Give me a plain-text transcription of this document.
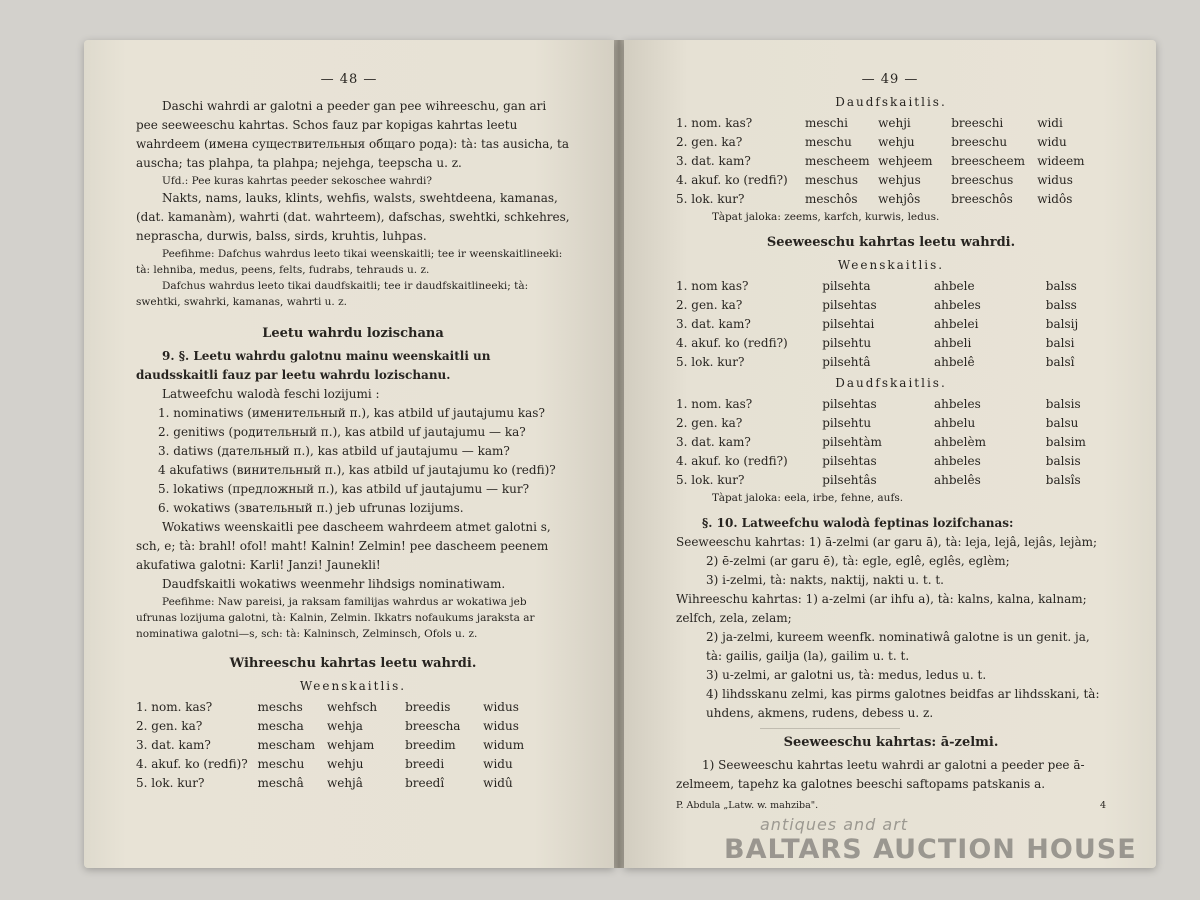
— 48 —

Daschi wahrdi ar galotni a peeder gan pee wihreeschu, gan ari pee seeweeschu kahrtas. Schos fauz par kopigas kahrtas leetu wahrdeem (имена существительныя общаго рода): tà: tas ausicha, ta auscha; tas plahpa, ta plahpa; nejehga, teepscha u. z.

Ufd.: Pee kuras kahrtas peeder sekoschee wahrdi?

Nakts, nams, lauks, klints, wehfis, walsts, swehtdeena, kamanas, (dat. kamanàm), wahrti (dat. wahrteem), dafschas, swehtki, schkehres, neprascha, durwis, balss, sirds, kruhtis, luhpas.

Peefihme: Dafchus wahrdus leeto tikai weenskaitli; tee ir weenskaitlineeki: tà: lehniba, medus, peens, felts, fudrabs, tehrauds u. z.

Dafchus wahrdus leeto tikai daudfskaitli; tee ir daudfskaitlineeki; tà: swehtki, swahrki, kamanas, wahrti u. z.

Leetu wahrdu lozischana

9. §. Leetu wahrdu galotnu mainu weenskaitli un daudsskaitli fauz par leetu wahrdu lozischanu.

Latweefchu walodà feschi lozijumi :

1. nominatiws (именительный п.), kas atbild uf jautajumu kas?

2. genitiws (родительный п.), kas atbild uf jautajumu — ka?

3. datiws (дательный п.), kas atbild uf jautajumu — kam?

4 akufatiws (винительный п.), kas atbild uf jautajumu ko (redfi)?

5. lokatiws (предложный п.), kas atbild uf jautajumu — kur?

6. wokatiws (звательный п.) jeb ufrunas lozijums.

Wokatiws weenskaitli pee dascheem wahrdeem atmet galotni s, sch, e; tà: brahl! ofol! maht! Kalnin! Zelmin! pee dascheem peenem akufatiwa galotni: Karli! Janzi! Jaunekli!

Daudfskaitli wokatiws weenmehr lihdsigs nominatiwam.

Peefihme: Naw pareisi, ja raksam familijas wahrdus ar wokatiwa jeb ufrunas lozijuma galotni, tà: Kalnin, Zelmin. Ikkatrs nofaukums jaraksta ar nominatiwa galotni—s, sch: tà: Kalninsch, Zelminsch, Ofols u. z.

Wihreeschu kahrtas leetu wahrdi.
Weenskaitlis.
1. nom. kas?	meschs	wehfsch	breedis	widus
2. gen. ka?	mescha	wehja	breescha	widus
3. dat. kam?	mescham	wehjam	breedim	widum
4. akuf. ko (redfi)?	meschu	wehju	breedi	widu
5. lok. kur?	meschâ	wehjâ	breedî	widû
— 49 —
Daudfskaitlis.
1. nom. kas?	meschi	wehji	breeschi	widi
2. gen. ka?	meschu	wehju	breeschu	widu
3. dat. kam?	mescheem	wehjeem	breescheem	wideem
4. akuf. ko (redfi?)	meschus	wehjus	breeschus	widus
5. lok. kur?	meschôs	wehjôs	breeschôs	widôs

Tàpat jaloka: zeems, karfch, kurwis, ledus.

Seeweeschu kahrtas leetu wahrdi.
Weenskaitlis.
1. nom kas?	pilsehta	ahbele	balss
2. gen. ka?	pilsehtas	ahbeles	balss
3. dat. kam?	pilsehtai	ahbelei	balsij
4. akuf. ko (redfi?)	pilsehtu	ahbeli	balsi
5. lok. kur?	pilsehtâ	ahbelê	balsî
Daudfskaitlis.
1. nom. kas?	pilsehtas	ahbeles	balsis
2. gen. ka?	pilsehtu	ahbelu	balsu
3. dat. kam?	pilsehtàm	ahbelèm	balsim
4. akuf. ko (redfi?)	pilsehtas	ahbeles	balsis
5. lok. kur?	pilsehtâs	ahbelês	balsîs

Tàpat jaloka: eela, irbe, fehne, aufs.

§. 10. Latweefchu walodà feptinas lozifchanas:

Seeweeschu kahrtas: 1) ā-zelmi (ar garu ā), tà: leja, lejâ, lejâs, lejàm;

2) ē-zelmi (ar garu ē), tà: egle, eglê, eglês, eglèm;

3) i-zelmi, tà: nakts, naktij, nakti u. t. t.

Wihreeschu kahrtas: 1) a-zelmi (ar ihfu a), tà: kalns, kalna, kalnam; zelfch, zela, zelam;

2) ja-zelmi, kureem weenfk. nominatiwâ galotne is un genit. ja, tà: gailis, gailja (la), gailim u. t. t.

3) u-zelmi, ar galotni us, tà: medus, ledus u. t.

4) lihdsskanu zelmi, kas pirms galotnes beidfas ar lihdsskani, tà: uhdens, akmens, rudens, debess u. z.

Seeweeschu kahrtas: ā-zelmi.

1) Seeweeschu kahrtas leetu wahrdi ar galotni a peeder pee ā-zelmeem, tapehz ka galotnes beeschi saftopams patskanis a.

P. Abdula „Latw. w. mahziba".	4
antiques and art
BALTARS AUCTION HOUSE
